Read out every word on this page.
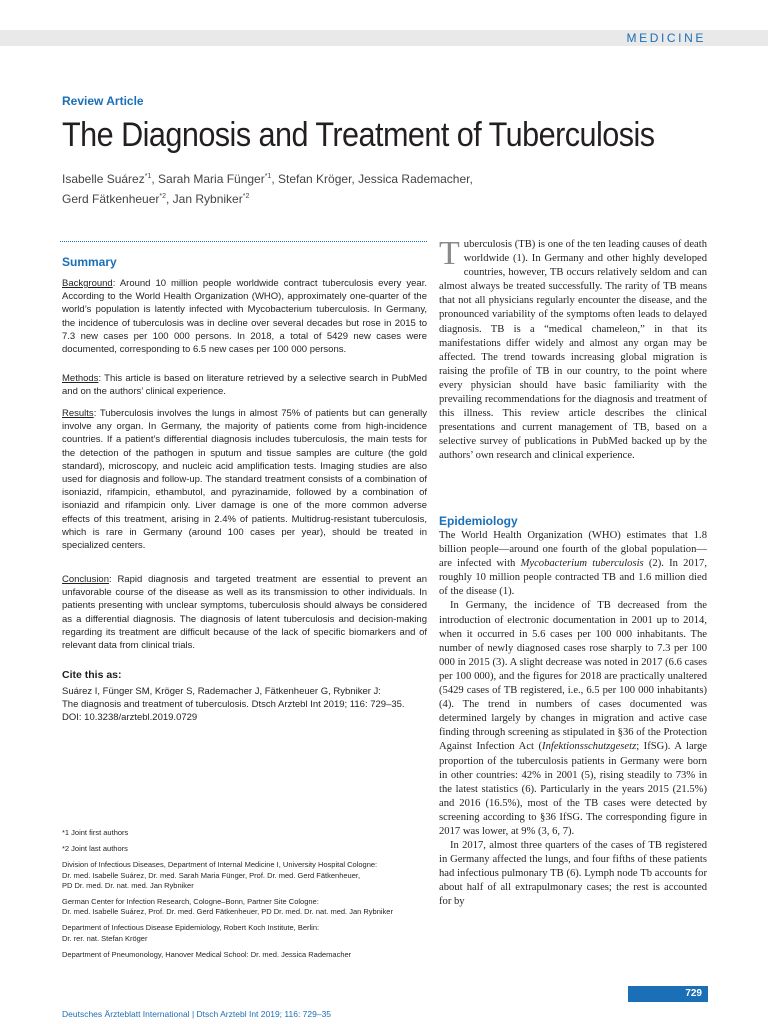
MEDICINE
Review Article
The Diagnosis and Treatment of Tuberculosis
Isabelle Suárez$^{*1}$, Sarah Maria Fünger$^{*1}$, Stefan Kröger, Jessica Rademacher,
Gerd Fätkenheuer$^{*2}$, Jan Rybniker$^{*2}$
Summary
Background: Around 10 million people worldwide contract tuberculosis every year. According to the World Health Organization (WHO), approximately one-quarter of the world’s population is latently infected with Mycobacterium tuberculosis. In Germany, the incidence of tuberculosis was in decline over several decades but rose in 2015 to 7.3 new cases per 100 000 persons. In 2018, a total of 5429 new cases were documented, corresponding to 6.5 new cases per 100 000 persons.
Methods: This article is based on literature retrieved by a selective search in PubMed and on the authors’ clinical experience.
Results: Tuberculosis involves the lungs in almost 75% of patients but can generally involve any organ. In Germany, the majority of patients come from high-incidence countries. If a patient’s differential diagnosis includes tuberculosis, the main tests for the detection of the pathogen in sputum and tissue samples are culture (the gold standard), microscopy, and nucleic acid amplification tests. Imaging studies are also used for diagnosis and follow-up. The standard treatment consists of a combination of isoniazid, rifampicin, ethambutol, and pyrazinamide, followed by a combination of isoniazid and rifampicin only. Liver damage is one of the more common adverse effects of this treatment, arising in 2.4% of patients. Multidrug-resistant tuberculosis, which is rare in Germany (around 100 cases per year), should be treated in specialized centers.
Conclusion: Rapid diagnosis and targeted treatment are essential to prevent an unfavorable course of the disease as well as its transmission to other individuals. In patients presenting with unclear symptoms, tuberculosis should always be considered as a differential diagnosis. The diagnosis of latent tuberculosis and decision-making regarding its treatment are difficult because of the lack of specific biomarkers and of relevant data from clinical trials.
Cite this as:
Suárez I, Fünger SM, Kröger S, Rademacher J, Fätkenheuer G, Rybniker J:
The diagnosis and treatment of tuberculosis. Dtsch Arztebl Int 2019; 116: 729–35.
DOI: 10.3238/arztebl.2019.0729
*1 Joint first authors
*2 Joint last authors
Division of Infectious Diseases, Department of Internal Medicine I, University Hospital Cologne:
Dr. med. Isabelle Suárez, Dr. med. Sarah Maria Fünger, Prof. Dr. med. Gerd Fätkenheuer,
PD Dr. med. Dr. nat. med. Jan Rybniker
German Center for Infection Research, Cologne–Bonn, Partner Site Cologne:
Dr. med. Isabelle Suárez, Prof. Dr. med. Gerd Fätkenheuer, PD Dr. med. Dr. nat. med. Jan Rybniker
Department of Infectious Disease Epidemiology, Robert Koch Institute, Berlin:
Dr. rer. nat. Stefan Kröger
Department of Pneumonology, Hanover Medical School: Dr. med. Jessica Rademacher
Tuberculosis (TB) is one of the ten leading causes of death worldwide (1). In Germany and other highly developed countries, however, TB occurs relatively seldom and can almost always be treated successfully. The rarity of TB means that not all physicians regularly encounter the disease, and the pronounced variability of the symptoms often leads to delayed diagnosis. TB is a “medical chameleon,” in that its manifestations differ widely and almost any organ may be affected. The trend towards increasing global migration is raising the profile of TB in our country, to the point where every physician should have basic familiarity with the prevailing recommendations for the diagnosis and treatment of this illness. This review article describes the clinical presentations and current management of TB, based on a selective survey of publications in PubMed backed up by the authors’ own research and clinical experience.
Epidemiology
The World Health Organization (WHO) estimates that 1.8 billion people—around one fourth of the global population—are infected with Mycobacterium tuberculosis (2). In 2017, roughly 10 million people contracted TB and 1.6 million died of the disease (1).
In Germany, the incidence of TB decreased from the introduction of electronic documentation in 2001 up to 2014, when it occurred in 5.6 cases per 100 000 inhabitants. The number of newly diagnosed cases rose sharply to 7.3 per 100 000 in 2015 (3). A slight decrease was noted in 2017 (6.6 cases per 100 000), and the figures for 2018 are practically unaltered (5429 cases of TB registered, i.e., 6.5 per 100 000 inhabitants) (4). The trend in numbers of cases documented was determined largely by changes in migration and active case finding through screening as stipulated in §36 of the Protection Against Infection Act (Infektionsschutzgesetz; IfSG). A large proportion of the tuberculosis patients in Germany were born in other countries: 42% in 2001 (5), rising steadily to 73% in the latest statistics (6). Particularly in the years 2015 (21.5%) and 2016 (16.5%), most of the TB cases were detected by screening according to §36 IfSG. The corresponding figure in 2017 was lower, at 9% (3, 6, 7).
In 2017, almost three quarters of the cases of TB registered in Germany affected the lungs, and four fifths of these patients had infectious pulmonary TB (6). Lymph node Tb accounts for about half of all extrapulmonary cases; the rest is accounted for by
Deutsches Ärzteblatt International | Dtsch Arztebl Int 2019; 116: 729–35
729
